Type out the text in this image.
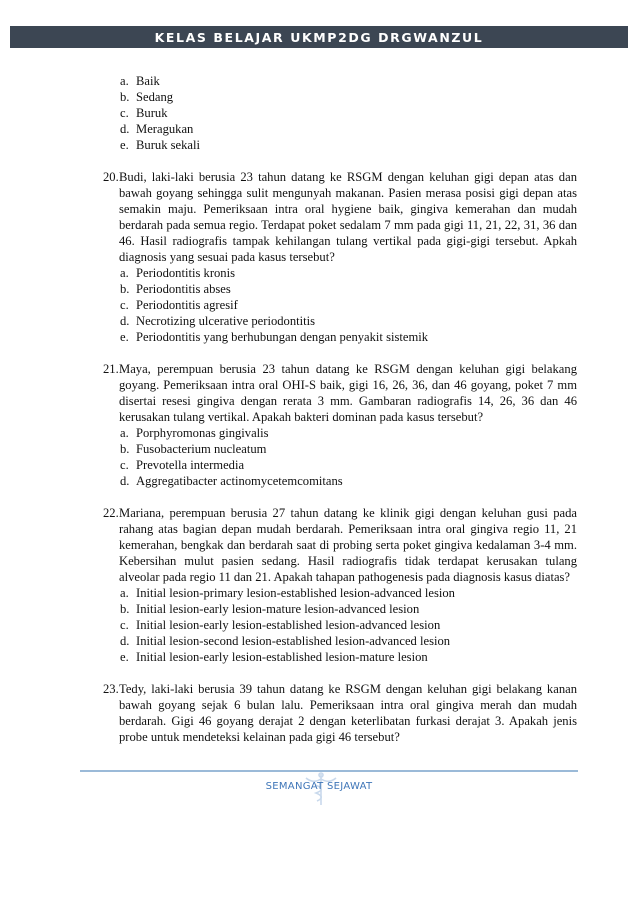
KELAS BELAJAR UKMP2DG DRGWANZUL
a. Baik
b. Sedang
c. Buruk
d. Meragukan
e. Buruk sekali
20. Budi, laki-laki berusia 23 tahun datang ke RSGM dengan keluhan gigi depan atas dan bawah goyang sehingga sulit mengunyah makanan. Pasien merasa posisi gigi depan atas semakin maju. Pemeriksaan intra oral hygiene baik, gingiva kemerahan dan mudah berdarah pada semua regio. Terdapat poket sedalam 7 mm pada gigi 11, 21, 22, 31, 36 dan 46. Hasil radiografis tampak kehilangan tulang vertikal pada gigi-gigi tersebut. Apkah diagnosis yang sesuai pada kasus tersebut?
a. Periodontitis kronis
b. Periodontitis abses
c. Periodontitis agresif
d. Necrotizing ulcerative periodontitis
e. Periodontitis yang berhubungan dengan penyakit sistemik
21. Maya, perempuan berusia 23 tahun datang ke RSGM dengan keluhan gigi belakang goyang. Pemeriksaan intra oral OHI-S baik, gigi 16, 26, 36, dan 46 goyang, poket 7 mm disertai resesi gingiva dengan rerata 3 mm. Gambaran radiografis 14, 26, 36 dan 46 kerusakan tulang vertikal. Apakah bakteri dominan pada kasus tersebut?
a. Porphyromonas gingivalis
b. Fusobacterium nucleatum
c. Prevotella intermedia
d. Aggregatibacter actinomycetemcomitans
22. Mariana, perempuan berusia 27 tahun datang ke klinik gigi dengan keluhan gusi pada rahang atas bagian depan mudah berdarah. Pemeriksaan intra oral gingiva regio 11, 21 kemerahan, bengkak dan berdarah saat di probing serta poket gingiva kedalaman 3-4 mm. Kebersihan mulut pasien sedang. Hasil radiografis tidak terdapat kerusakan tulang alveolar pada regio 11 dan 21. Apakah tahapan pathogenesis pada diagnosis kasus diatas?
a. Initial lesion-primary lesion-established lesion-advanced lesion
b. Initial lesion-early lesion-mature lesion-advanced lesion
c. Initial lesion-early lesion-established lesion-advanced lesion
d. Initial lesion-second lesion-established lesion-advanced lesion
e. Initial lesion-early lesion-established lesion-mature lesion
23. Tedy, laki-laki berusia 39 tahun datang ke RSGM dengan keluhan gigi belakang kanan bawah goyang sejak 6 bulan lalu. Pemeriksaan intra oral gingiva merah dan mudah berdarah. Gigi 46 goyang derajat 2 dengan keterlibatan furkasi derajat 3. Apakah jenis probe untuk mendeteksi kelainan pada gigi 46 tersebut?
SEMANGAT SEJAWAT
